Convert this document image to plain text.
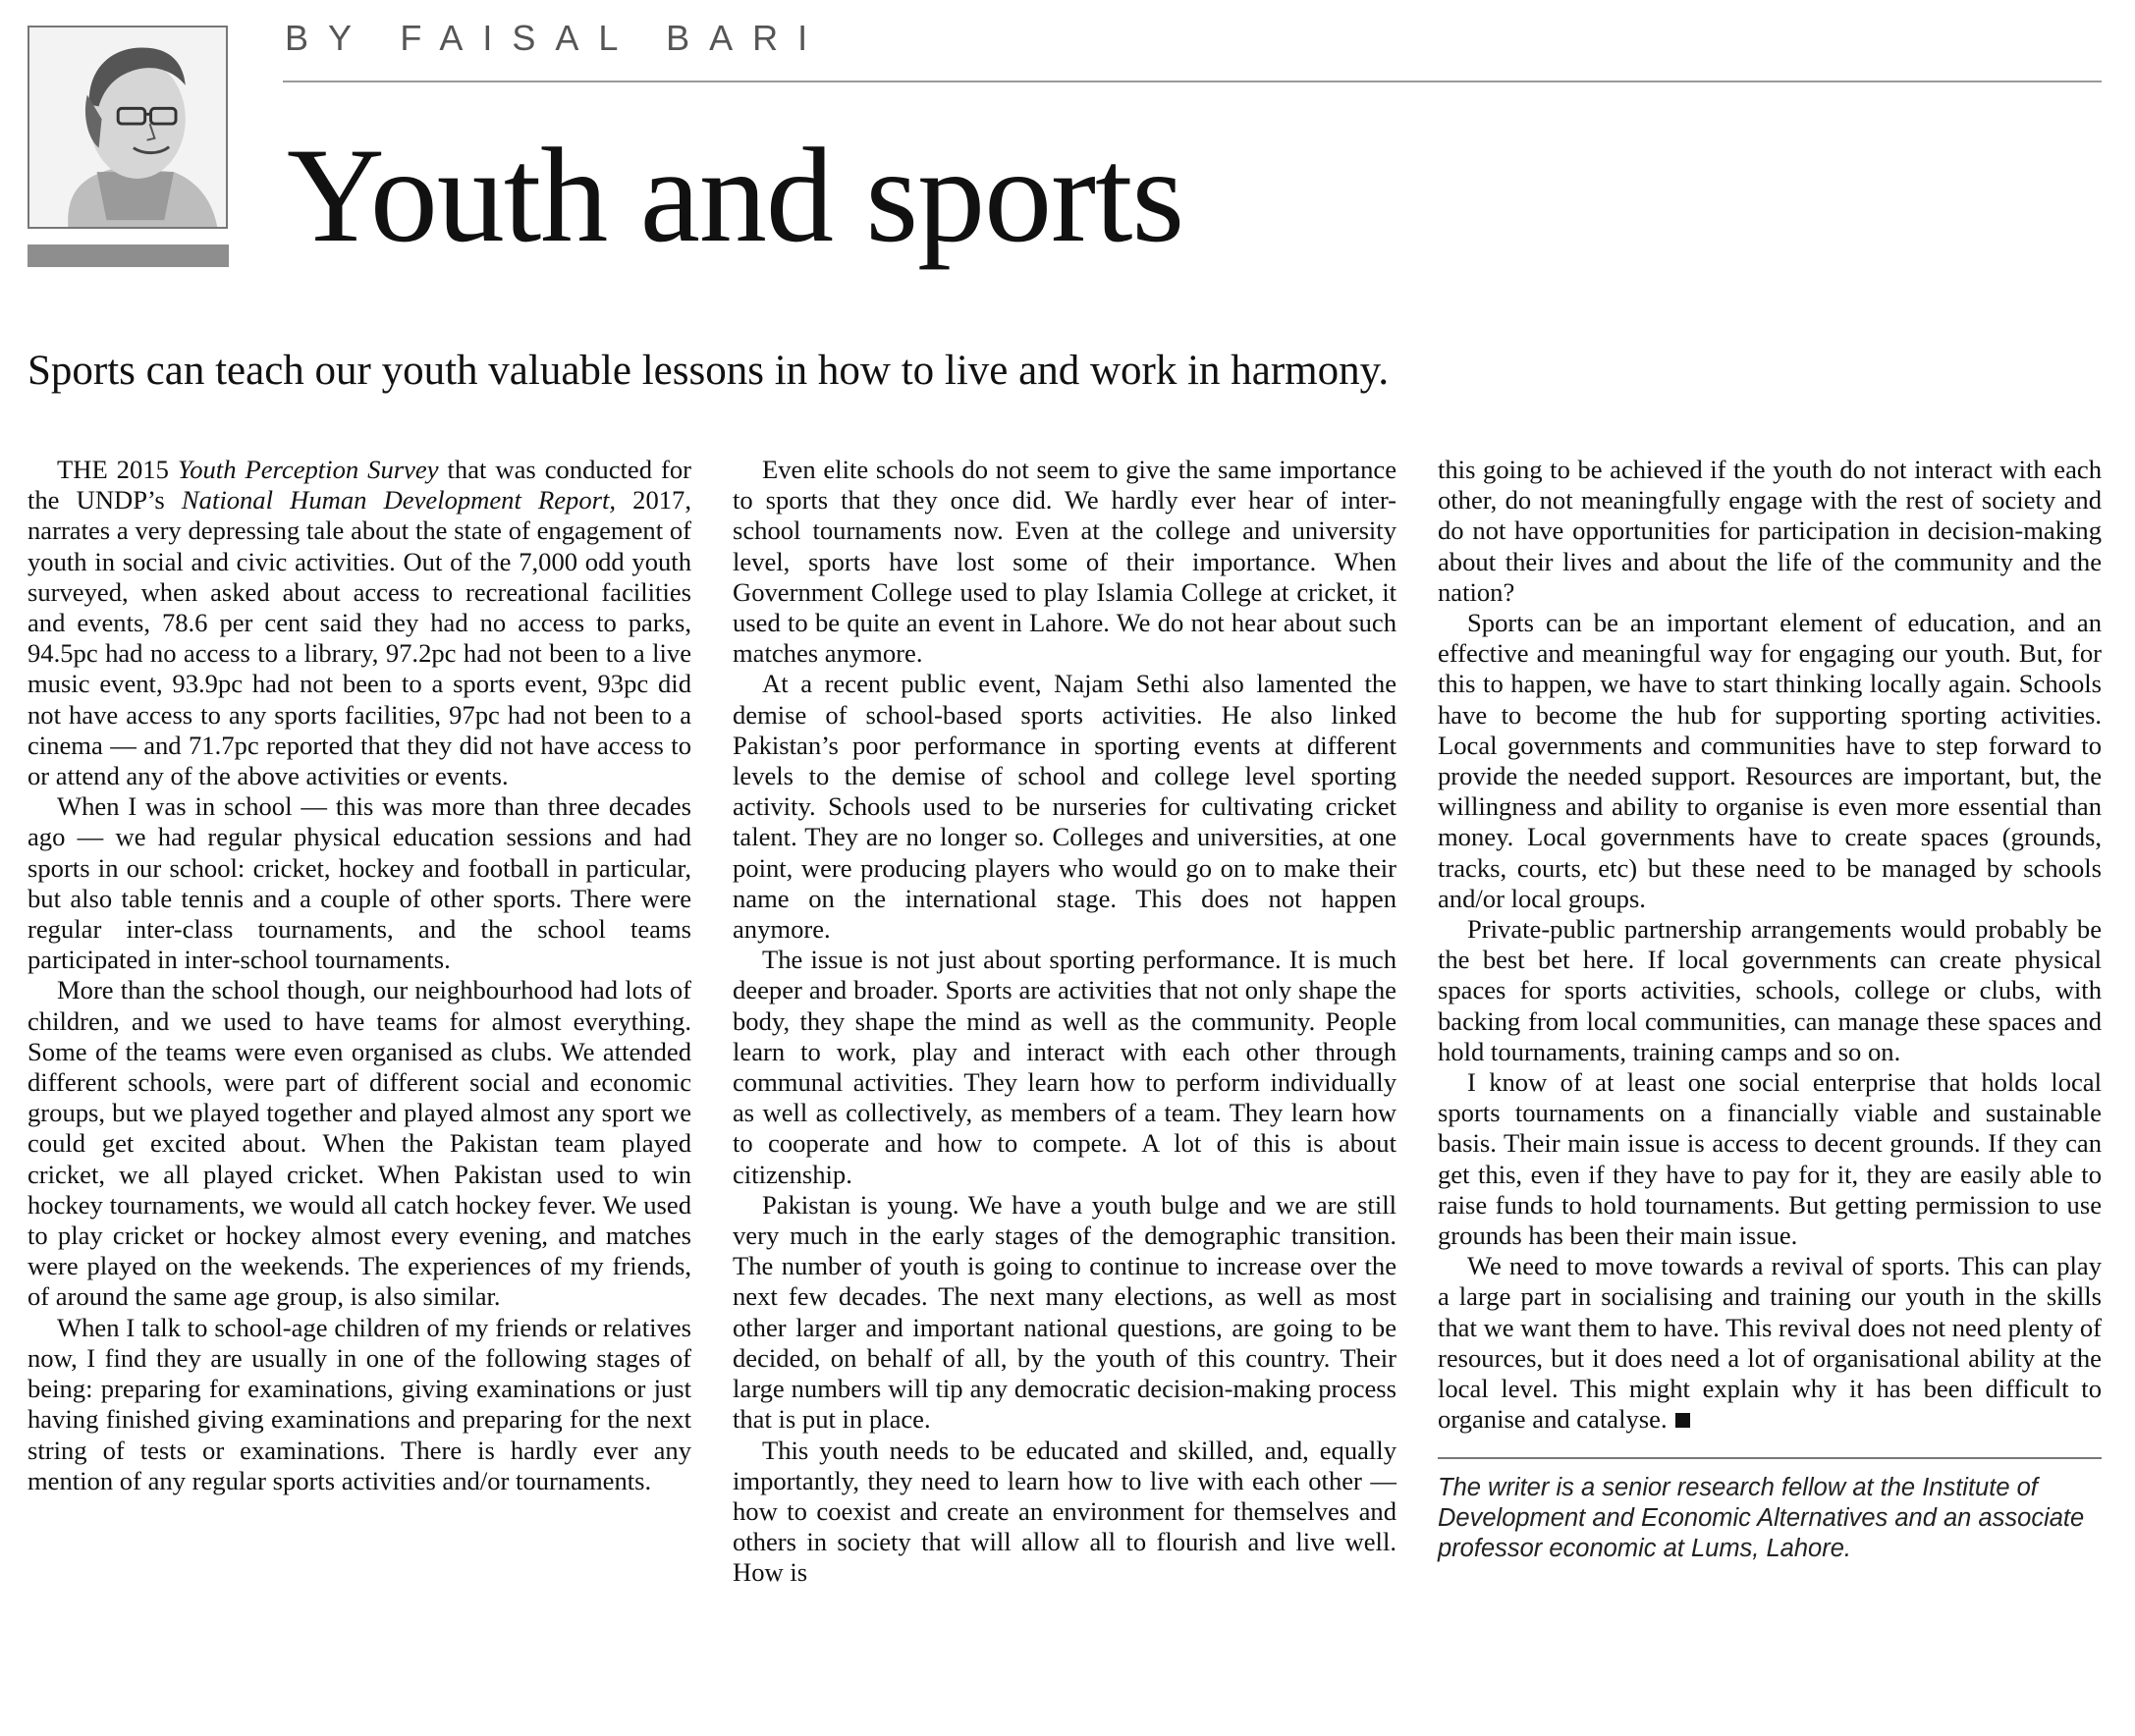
BY FAISAL BARI
Youth and sports

Sports can teach our youth valuable lessons in how to live and work in harmony.

THE 2015 Youth Perception Survey that was conducted for the UNDP’s National Human Development Report, 2017, narrates a very depressing tale about the state of engagement of youth in social and civic activities. Out of the 7,000 odd youth surveyed, when asked about access to recreational facilities and events, 78.6 per cent said they had no access to parks, 94.5pc had no access to a library, 97.2pc had not been to a live music event, 93.9pc had not been to a sports event, 93pc did not have access to any sports facilities, 97pc had not been to a cinema — and 71.7pc reported that they did not have access to or attend any of the above activities or events.

When I was in school — this was more than three decades ago — we had regular physical education sessions and had sports in our school: cricket, hockey and football in particular, but also table tennis and a couple of other sports. There were regular inter-class tournaments, and the school teams participated in inter-school tournaments.

More than the school though, our neighbourhood had lots of children, and we used to have teams for almost everything. Some of the teams were even organised as clubs. We attended different schools, were part of different social and economic groups, but we played together and played almost any sport we could get excited about. When the Pakistan team played cricket, we all played cricket. When Pakistan used to win hockey tournaments, we would all catch hockey fever. We used to play cricket or hockey almost every evening, and matches were played on the weekends. The experiences of my friends, of around the same age group, is also similar.

When I talk to school-age children of my friends or relatives now, I find they are usually in one of the following stages of being: preparing for examinations, giving examinations or just having finished giving examinations and preparing for the next string of tests or examinations. There is hardly ever any mention of any regular sports activities and/or tournaments.

Even elite schools do not seem to give the same importance to sports that they once did. We hardly ever hear of inter-school tournaments now. Even at the college and university level, sports have lost some of their importance. When Government College used to play Islamia College at cricket, it used to be quite an event in Lahore. We do not hear about such matches anymore.

At a recent public event, Najam Sethi also lamented the demise of school-based sports activities. He also linked Pakistan’s poor performance in sporting events at different levels to the demise of school and college level sporting activity. Schools used to be nurseries for cultivating cricket talent. They are no longer so. Colleges and universities, at one point, were producing players who would go on to make their name on the international stage. This does not happen anymore.

The issue is not just about sporting performance. It is much deeper and broader. Sports are activities that not only shape the body, they shape the mind as well as the community. People learn to work, play and interact with each other through communal activities. They learn how to perform individually as well as collectively, as members of a team. They learn how to cooperate and how to compete. A lot of this is about citizenship.

Pakistan is young. We have a youth bulge and we are still very much in the early stages of the demographic transition. The number of youth is going to continue to increase over the next few decades. The next many elections, as well as most other larger and important national questions, are going to be decided, on behalf of all, by the youth of this country. Their large numbers will tip any democratic decision-making process that is put in place.

This youth needs to be educated and skilled, and, equally importantly, they need to learn how to live with each other — how to coexist and create an environment for themselves and others in society that will allow all to flourish and live well. How is

this going to be achieved if the youth do not interact with each other, do not meaningfully engage with the rest of society and do not have opportunities for participation in decision-making about their lives and about the life of the community and the nation?

Sports can be an important element of education, and an effective and meaningful way for engaging our youth. But, for this to happen, we have to start thinking locally again. Schools have to become the hub for supporting sporting activities. Local governments and communities have to step forward to provide the needed support. Resources are important, but, the willingness and ability to organise is even more essential than money. Local governments have to create spaces (grounds, tracks, courts, etc) but these need to be managed by schools and/or local groups.

Private-public partnership arrangements would probably be the best bet here. If local governments can create physical spaces for sports activities, schools, college or clubs, with backing from local communities, can manage these spaces and hold tournaments, training camps and so on.

I know of at least one social enterprise that holds local sports tournaments on a financially viable and sustainable basis. Their main issue is access to decent grounds. If they can get this, even if they have to pay for it, they are easily able to raise funds to hold tournaments. But getting permission to use grounds has been their main issue.

We need to move towards a revival of sports. This can play a large part in socialising and training our youth in the skills that we want them to have. This revival does not need plenty of resources, but it does need a lot of organisational ability at the local level. This might explain why it has been difficult to organise and catalyse.

The writer is a senior research fellow at the Institute of Development and Economic Alternatives and an associate professor economic at Lums, Lahore.
